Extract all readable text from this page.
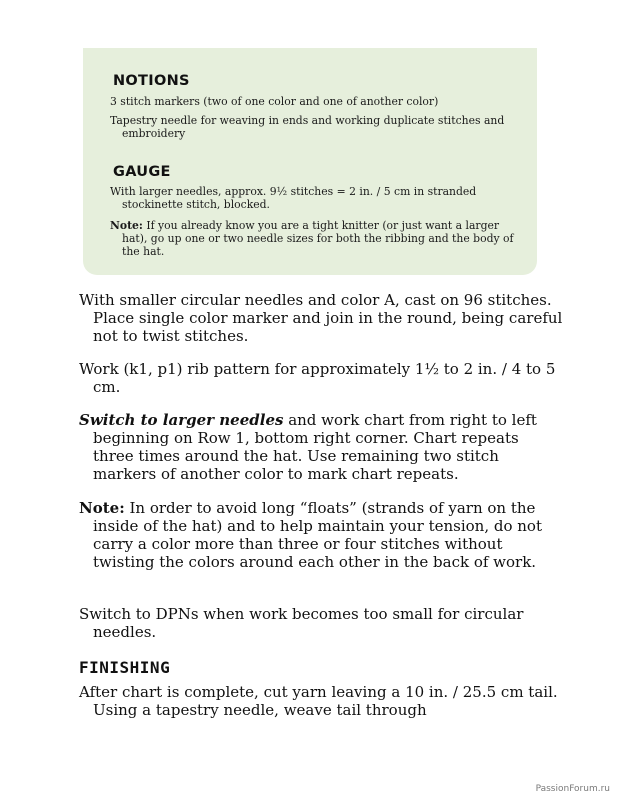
NOTIONS
3 stitch markers (two of one color and one of another color)
Tapestry needle for weaving in ends and working duplicate stitches and embroidery
GAUGE
With larger needles, approx. 9½ stitches = 2 in. / 5 cm in stranded stockinette stitch, blocked.
Note: If you already know you are a tight knitter (or just want a larger hat), go up one or two needle sizes for both the ribbing and the body of the hat.
With smaller circular needles and color A, cast on 96 stitches. Place single color marker and join in the round, being careful not to twist stitches.
Work (k1, p1) rib pattern for approximately 1½ to 2 in. / 4 to 5 cm.
Switch to larger needles and work chart from right to left beginning on Row 1, bottom right corner. Chart repeats three times around the hat. Use remaining two stitch markers of another color to mark chart repeats.
Note: In order to avoid long “floats” (strands of yarn on the inside of the hat) and to help maintain your tension, do not carry a color more than three or four stitches without twisting the colors around each other in the back of work.
Switch to DPNs when work becomes too small for circular needles.
FINISHING
After chart is complete, cut yarn leaving a 10 in. / 25.5 cm tail. Using a tapestry needle, weave tail through
PassionForum.ru
